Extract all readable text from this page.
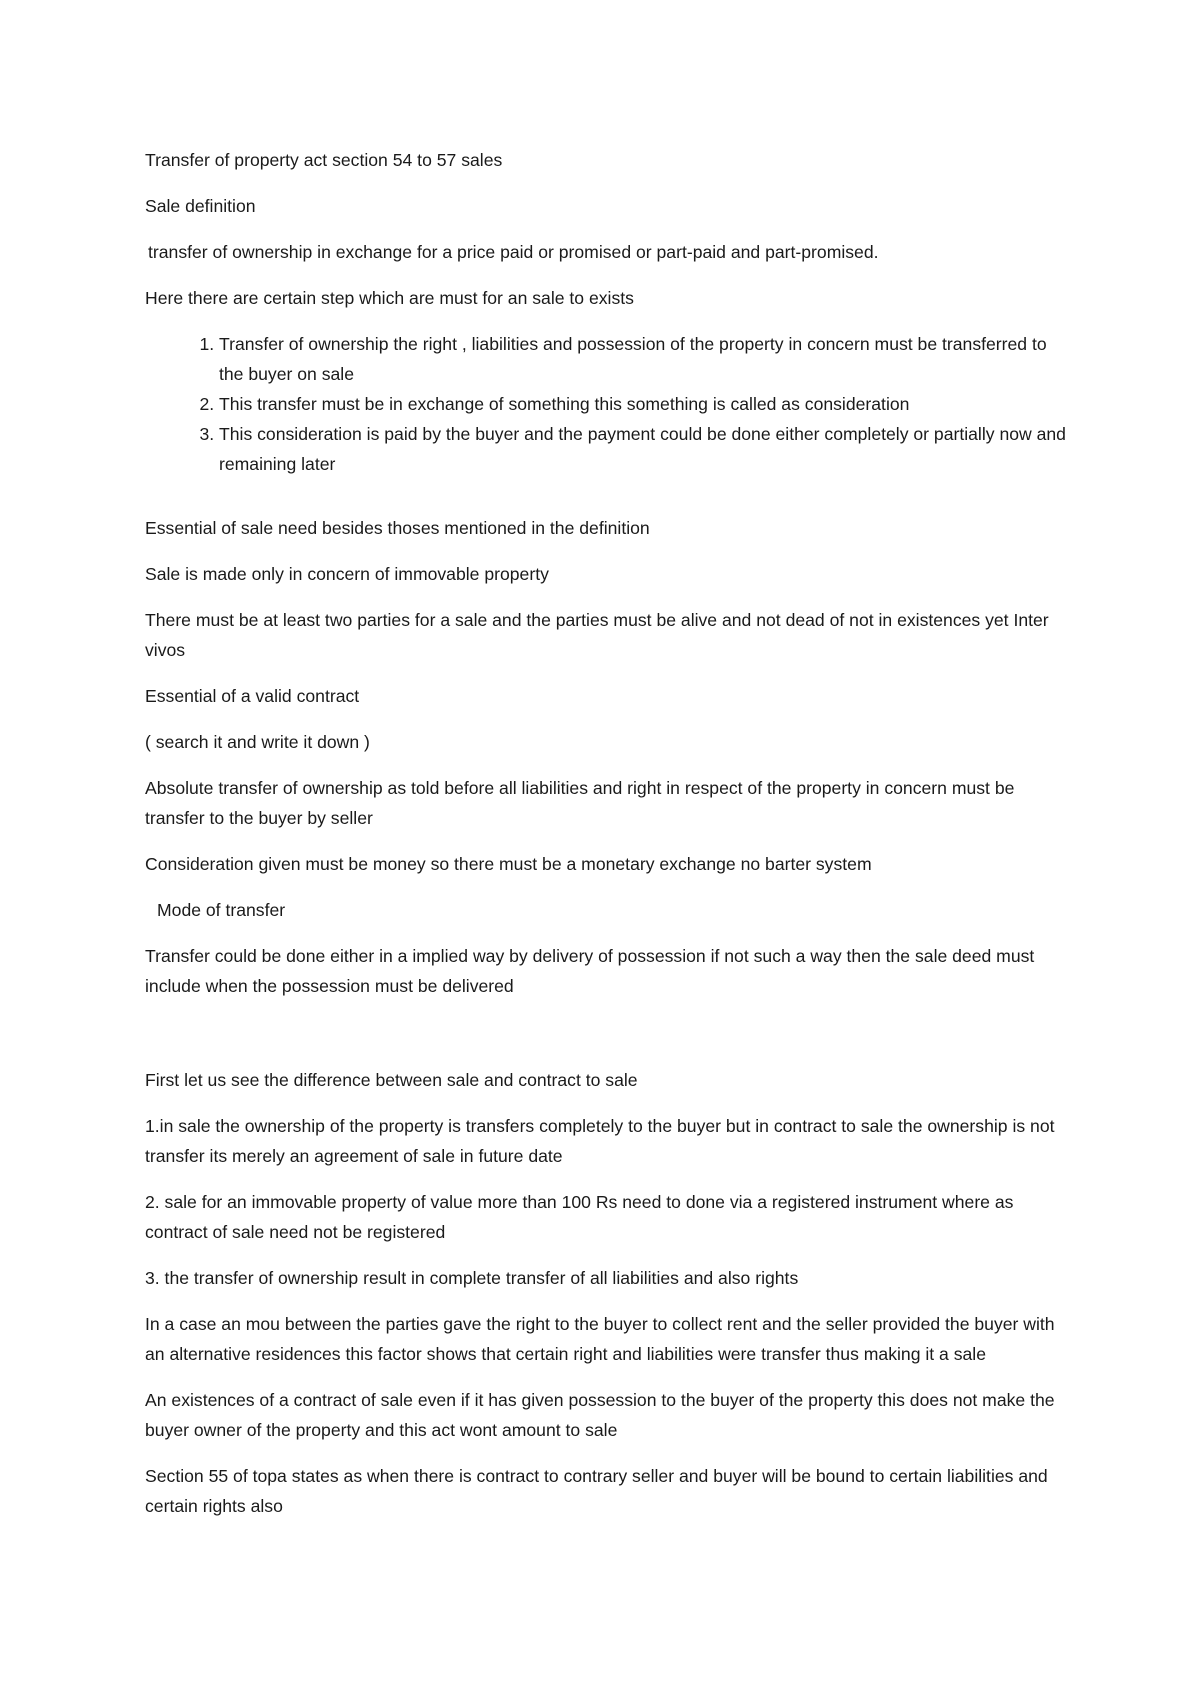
Transfer of property act section 54 to 57 sales

Sale definition

transfer of ownership in exchange for a price paid or promised or part-paid and part-promised.

Here there are certain step which are must for an sale to exists

1. Transfer of ownership the right , liabilities and possession of the property in concern must be transferred to the buyer on sale
2. This transfer must be in exchange of something this something is called as consideration
3. This consideration is paid by the buyer and the payment could be done either completely or partially now and remaining later

Essential of sale need besides thoses mentioned in the definition

Sale is made only in concern of immovable property

There must be at least two parties for a sale and the parties must be alive and not dead of not in existences yet Inter vivos

Essential of a valid contract

( search it and write it down )

Absolute transfer of ownership as told before all liabilities and right in respect of the property in concern must be transfer to the buyer by seller

Consideration given must be money so there must be a monetary exchange no barter system

Mode of transfer

Transfer could be done either in a implied way by delivery of possession if not such a way then the sale deed must include when the possession must be delivered

First let us see the difference between sale and contract to sale

1.in sale the ownership of the property is transfers completely to the buyer but in contract to sale the ownership is not transfer its merely an agreement of sale in future date

2. sale for an immovable property of value more than 100 Rs need to done via a registered instrument where as contract of sale need not be registered

3. the transfer of ownership result in complete transfer of all liabilities and also rights

In a case an mou between the parties gave the right to the buyer to collect rent and the seller provided the buyer with an alternative residences this factor shows that certain right and liabilities were transfer thus making it a sale

An existences of a contract of sale even if it has given possession to the buyer of the property this does not make the buyer owner of the property and this act wont amount to sale

Section 55 of topa states as when there is contract to contrary seller and buyer will be bound to certain liabilities and certain rights also
